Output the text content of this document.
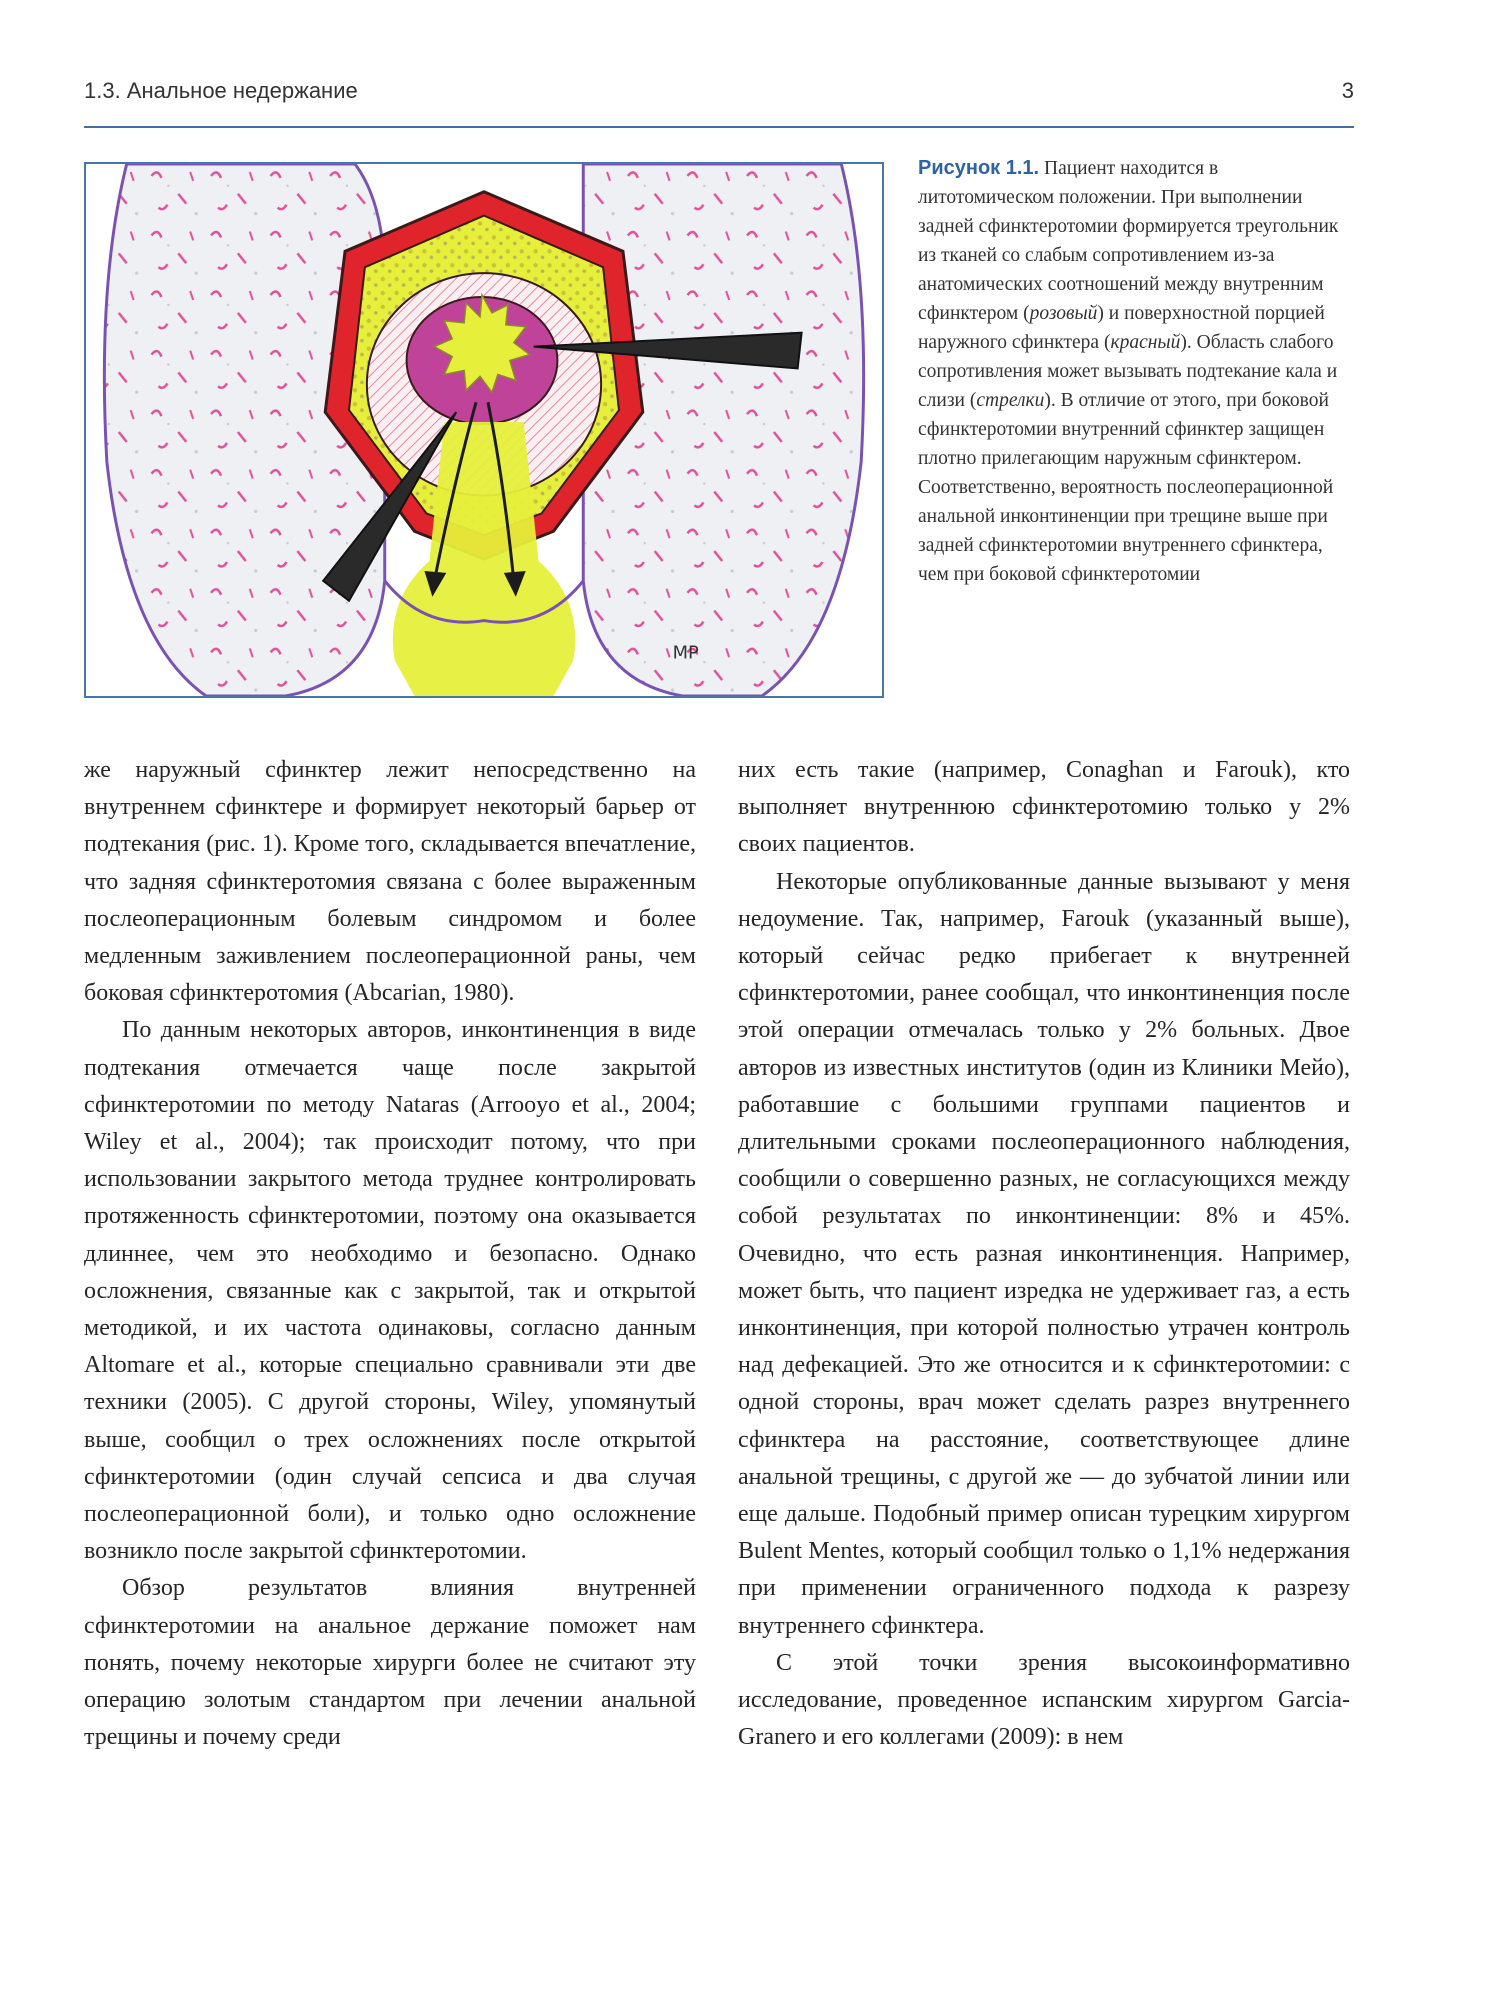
1.3. Анальное недержание	3
MP
Рисунок 1.1. Пациент находится в литотомическом положении. При выполнении задней сфинктеротомии формируется треугольник из тканей со слабым сопротивлением из-за анатомических соотношений между внутренним сфинктером (розовый) и поверхностной порцией наружного сфинктера (красный). Область слабого сопротивления может вызывать подтекание кала и слизи (стрелки). В отличие от этого, при боковой сфинктеротомии внутренний сфинктер защищен плотно прилегающим наружным сфинктером. Соответственно, вероятность послеоперационной анальной инконтиненции при трещине выше при задней сфинктеротомии внутреннего сфинктера, чем при боковой сфинктеротомии

же наружный сфинктер лежит непосредственно на внутреннем сфинктере и формирует некоторый барьер от подтекания (рис. 1). Кроме того, складывается впечатление, что задняя сфинктеротомия связана с более выраженным послеоперационным болевым синдромом и более медленным заживлением послеоперационной раны, чем боковая сфинктеротомия (Abcarian, 1980).

По данным некоторых авторов, инконтиненция в виде подтекания отмечается чаще после закрытой сфинктеротомии по методу Nataras (Arrooyo et al., 2004; Wiley et al., 2004); так происходит потому, что при использовании закрытого метода труднее контролировать протяженность сфинктеротомии, поэтому она оказывается длиннее, чем это необходимо и безопасно. Однако осложнения, связанные как с закрытой, так и открытой методикой, и их частота одинаковы, согласно данным Altomare et al., которые специально сравнивали эти две техники (2005). С другой стороны, Wiley, упомянутый выше, сообщил о трех осложнениях после открытой сфинктеротомии (один случай сепсиса и два случая послеоперационной боли), и только одно осложнение возникло после закрытой сфинктеротомии.

Обзор результатов влияния внутренней сфинктеротомии на анальное держание поможет нам понять, почему некоторые хирурги более не считают эту операцию золотым стандартом при лечении анальной трещины и почему среди

них есть такие (например, Conaghan и Farouk), кто выполняет внутреннюю сфинктеротомию только у 2% своих пациентов.

Некоторые опубликованные данные вызывают у меня недоумение. Так, например, Farouk (указанный выше), который сейчас редко прибегает к внутренней сфинктеротомии, ранее сообщал, что инконтиненция после этой операции отмечалась только у 2% больных. Двое авторов из известных институтов (один из Клиники Мейо), работавшие с большими группами пациентов и длительными сроками послеоперационного наблюдения, сообщили о совершенно разных, не согласующихся между собой результатах по инконтиненции: 8% и 45%. Очевидно, что есть разная инконтиненция. Например, может быть, что пациент изредка не удерживает газ, а есть инконтиненция, при которой полностью утрачен контроль над дефекацией. Это же относится и к сфинктеротомии: с одной стороны, врач может сделать разрез внутреннего сфинктера на расстояние, соответствующее длине анальной трещины, с другой же — до зубчатой линии или еще дальше. Подобный пример описан турецким хирургом Bulent Mentes, который сообщил только о 1,1% недержания при применении ограниченного подхода к разрезу внутреннего сфинктера.

С этой точки зрения высокоинформативно исследование, проведенное испанским хирургом Garcia-Granero и его коллегами (2009): в нем
